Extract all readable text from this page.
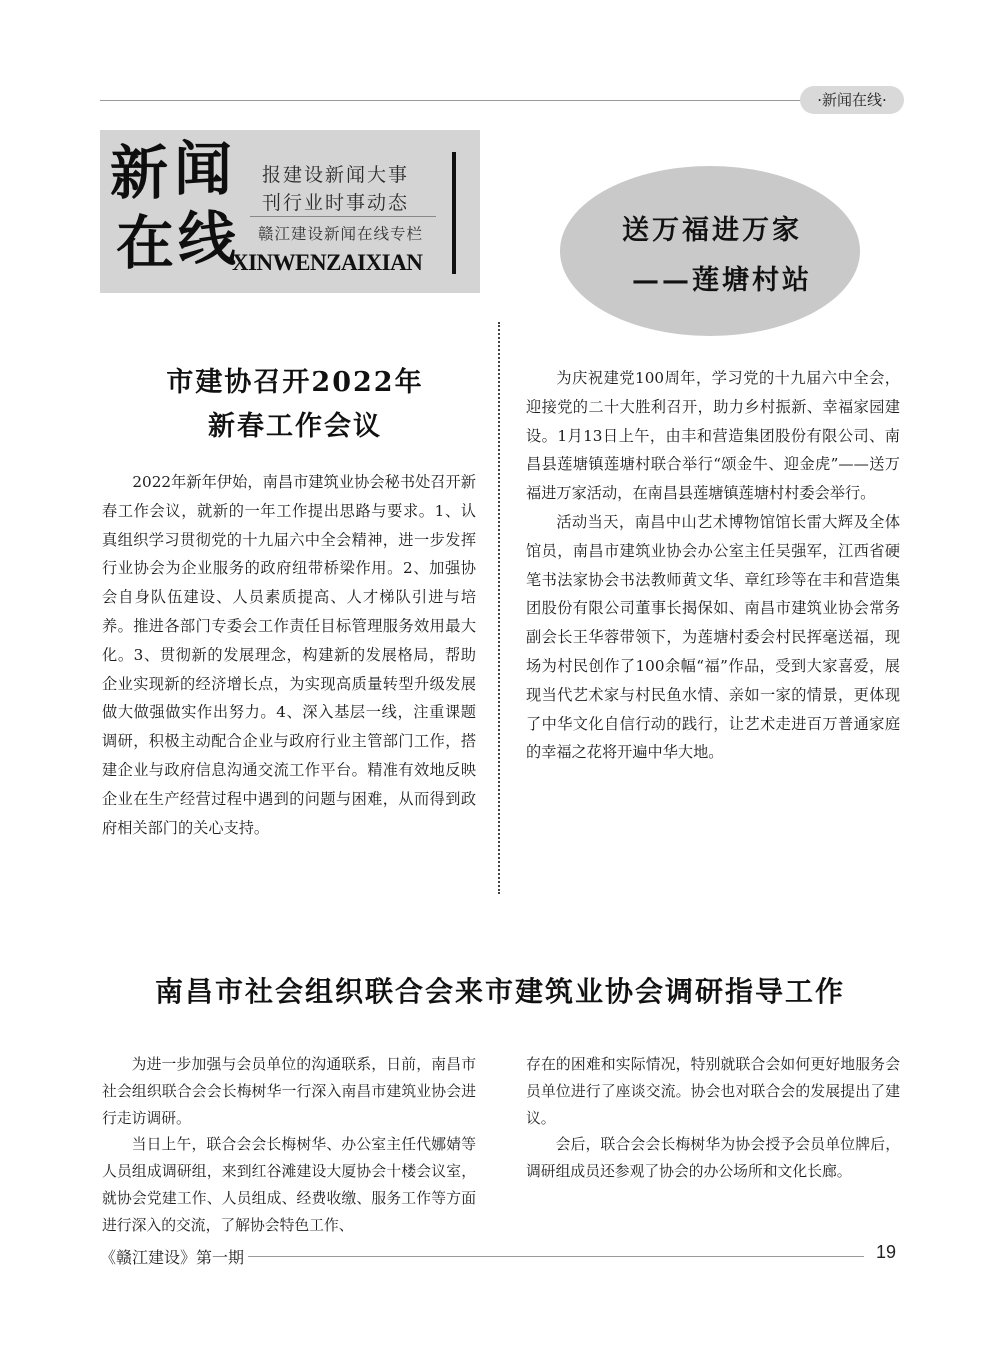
·新闻在线·
新 闻
在 线
报建设新闻大事
刊行业时事动态
赣江建设新闻在线专栏
XINWENZAIXIAN
送万福进万家
——莲塘村站
市建协召开2022年
新春工作会议

2022年新年伊始，南昌市建筑业协会秘书处召开新春工作会议，就新的一年工作提出思路与要求。1、认真组织学习贯彻党的十九届六中全会精神，进一步发挥行业协会为企业服务的政府纽带桥梁作用。2、加强协会自身队伍建设、人员素质提高、人才梯队引进与培养。推进各部门专委会工作责任目标管理服务效用最大化。3、贯彻新的发展理念，构建新的发展格局，帮助企业实现新的经济增长点，为实现高质量转型升级发展做大做强做实作出努力。4、深入基层一线，注重课题调研，积极主动配合企业与政府行业主管部门工作，搭建企业与政府信息沟通交流工作平台。精准有效地反映企业在生产经营过程中遇到的问题与困难，从而得到政府相关部门的关心支持。

为庆祝建党100周年，学习党的十九届六中全会，迎接党的二十大胜利召开，助力乡村振新、幸福家园建设。1月13日上午，由丰和营造集团股份有限公司、南昌县莲塘镇莲塘村联合举行“颂金牛、迎金虎”——送万福进万家活动，在南昌县莲塘镇莲塘村村委会举行。

活动当天，南昌中山艺术博物馆馆长雷大辉及全体馆员，南昌市建筑业协会办公室主任吴强军，江西省硬笔书法家协会书法教师黄文华、章红珍等在丰和营造集团股份有限公司董事长揭保如、南昌市建筑业协会常务副会长王华蓉带领下，为莲塘村委会村民挥毫送福，现场为村民创作了100余幅“福”作品，受到大家喜爱，展现当代艺术家与村民鱼水情、亲如一家的情景，更体现了中华文化自信行动的践行，让艺术走进百万普通家庭的幸福之花将开遍中华大地。

南昌市社会组织联合会来市建筑业协会调研指导工作

为进一步加强与会员单位的沟通联系，日前，南昌市社会组织联合会会长梅树华一行深入南昌市建筑业协会进行走访调研。

当日上午，联合会会长梅树华、办公室主任代娜婧等人员组成调研组，来到红谷滩建设大厦协会十楼会议室，就协会党建工作、人员组成、经费收缴、服务工作等方面进行深入的交流，了解协会特色工作、

存在的困难和实际情况，特别就联合会如何更好地服务会员单位进行了座谈交流。协会也对联合会的发展提出了建议。

会后，联合会会长梅树华为协会授予会员单位牌后，调研组成员还参观了协会的办公场所和文化长廊。

《赣江建设》第一期	19
